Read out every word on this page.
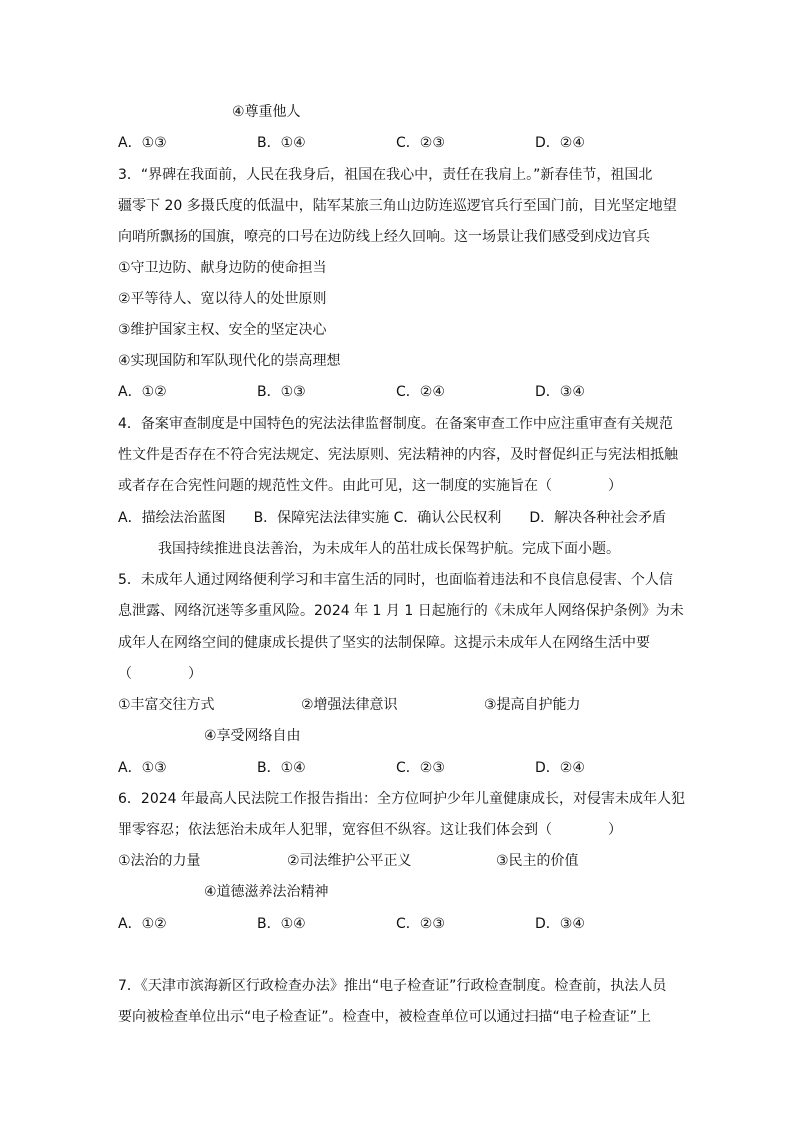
④尊重他人
A．①③	B．①④	C．②③	D．②④
3．“界碑在我面前，人民在我身后，祖国在我心中，责任在我肩上。”新春佳节，祖国北
疆零下 20 多摄氏度的低温中，陆军某旅三角山边防连巡逻官兵行至国门前，目光坚定地望
向哨所飘扬的国旗，嘹亮的口号在边防线上经久回响。这一场景让我们感受到戍边官兵
①守卫边防、献身边防的使命担当
②平等待人、宽以待人的处世原则
③维护国家主权、安全的坚定决心
④实现国防和军队现代化的崇高理想
A．①②	B．①③	C．②④	D．③④
4．备案审查制度是中国特色的宪法法律监督制度。在备案审查工作中应注重审查有关规范
性文件是否存在不符合宪法规定、宪法原则、宪法精神的内容，及时督促纠正与宪法相抵触
或者存在合宪性问题的规范性文件。由此可见，这一制度的实施旨在（　　　　）
A．描绘法治蓝图　　B．保障宪法法律实施 C．确认公民权利　　D．解决各种社会矛盾
我国持续推进良法善治，为未成年人的茁壮成长保驾护航。完成下面小题。
5．未成年人通过网络便利学习和丰富生活的同时，也面临着违法和不良信息侵害、个人信
息泄露、网络沉迷等多重风险。2024 年 1 月 1 日起施行的《未成年人网络保护条例》为未
成年人在网络空间的健康成长提供了坚实的法制保障。这提示未成年人在网络生活中要
（　　　　）
①丰富交往方式	②增强法律意识	③提高自护能力
④享受网络自由
A．①③	B．①④	C．②③	D．②④
6．2024 年最高人民法院工作报告指出：全方位呵护少年儿童健康成长，对侵害未成年人犯
罪零容忍；依法惩治未成年人犯罪，宽容但不纵容。这让我们体会到（　　　　）
①法治的力量	②司法维护公平正义	③民主的价值
④道德滋养法治精神
A．①②	B．①④	C．②③	D．③④
7．《天津市滨海新区行政检查办法》推出“电子检查证”行政检查制度。检查前，执法人员
要向被检查单位出示“电子检查证”。检查中，被检查单位可以通过扫描“电子检查证”上
